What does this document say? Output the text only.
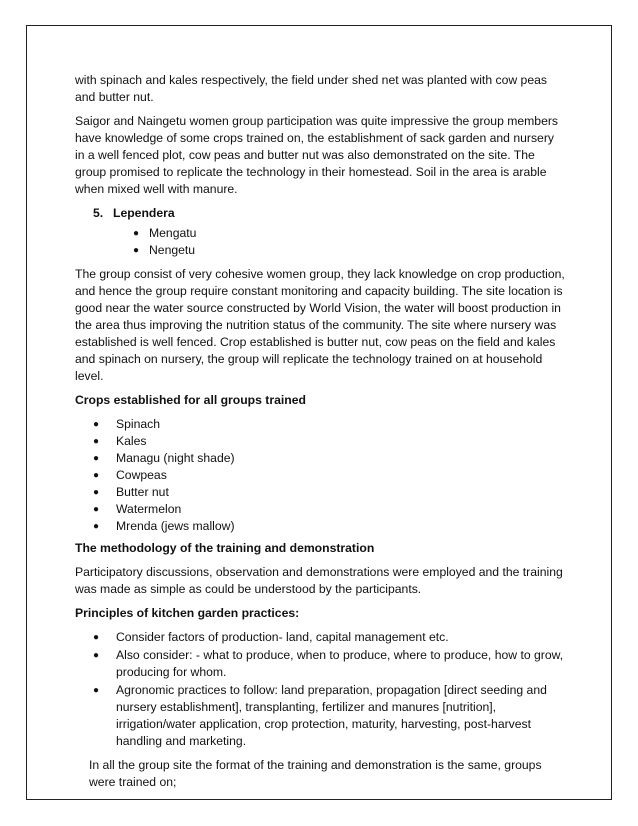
with spinach and kales respectively, the field under shed net was planted with cow peas and butter nut.

Saigor and Naingetu women group participation was quite impressive the group members have knowledge of some crops trained on, the establishment of sack garden and nursery in a well fenced plot, cow peas and butter nut was also demonstrated on the site. The group promised to replicate the technology in their homestead. Soil in the area is arable when mixed well with manure.

5. Lependera
● Mengatu
● Nengetu

The group consist of very cohesive women group, they lack knowledge on crop production, and hence the group require constant monitoring and capacity building. The site location is good near the water source constructed by World Vision, the water will boost production in the area thus improving the nutrition status of the community. The site where nursery was established is well fenced. Crop established is butter nut, cow peas on the field and kales and spinach on nursery, the group will replicate the technology trained on at household level.

Crops established for all groups trained
● Spinach
● Kales
● Managu (night shade)
● Cowpeas
● Butter nut
● Watermelon
● Mrenda (jews mallow)
The methodology of the training and demonstration

Participatory discussions, observation and demonstrations were employed and the training was made as simple as could be understood by the participants.

Principles of kitchen garden practices:
● Consider factors of production- land, capital management etc.
● Also consider: - what to produce, when to produce, where to produce, how to grow, producing for whom.
● Agronomic practices to follow: land preparation, propagation [direct seeding and nursery establishment], transplanting, fertilizer and manures [nutrition], irrigation/water application, crop protection, maturity, harvesting, post-harvest handling and marketing.

In all the group site the format of the training and demonstration is the same, groups were trained on;
